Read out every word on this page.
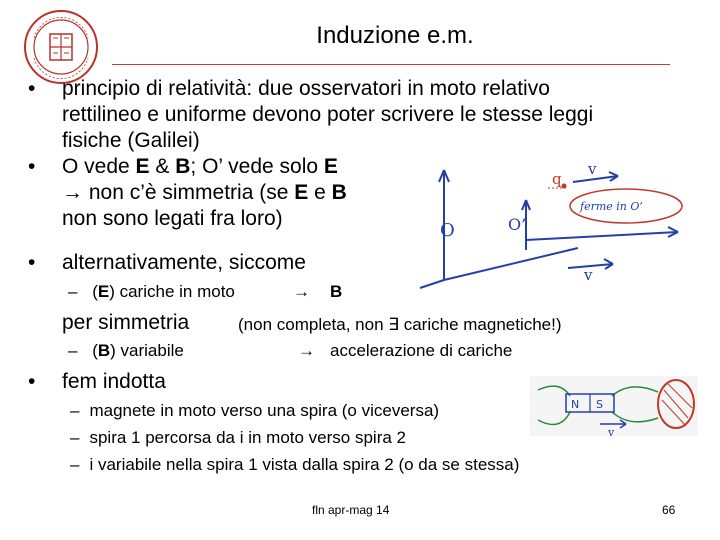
Induzione e.m.
• principio di relatività: due osservatori in moto relativo
rettilineo e uniforme devono poter scrivere le stesse leggi
fisiche (Galilei)
• O vede E & B; O’ vede solo E
→ non c’è simmetria (se E e B
non sono legati fra loro)
• alternativamente, siccome
– (E) cariche in moto	→ B
per simmetria	(non completa, non ∃ cariche magnetiche!)
– (B) variabile	→ accelerazione di cariche
• fem indotta
– magnete in moto verso una spira (o viceversa)
– spira 1 percorsa da i in moto verso spira 2
– i variabile nella spira 1 vista dalla spira 2 (o da se stessa)
O	O’
q
v
v
ferme in O’
N S
v
fln apr-mag 14	66
